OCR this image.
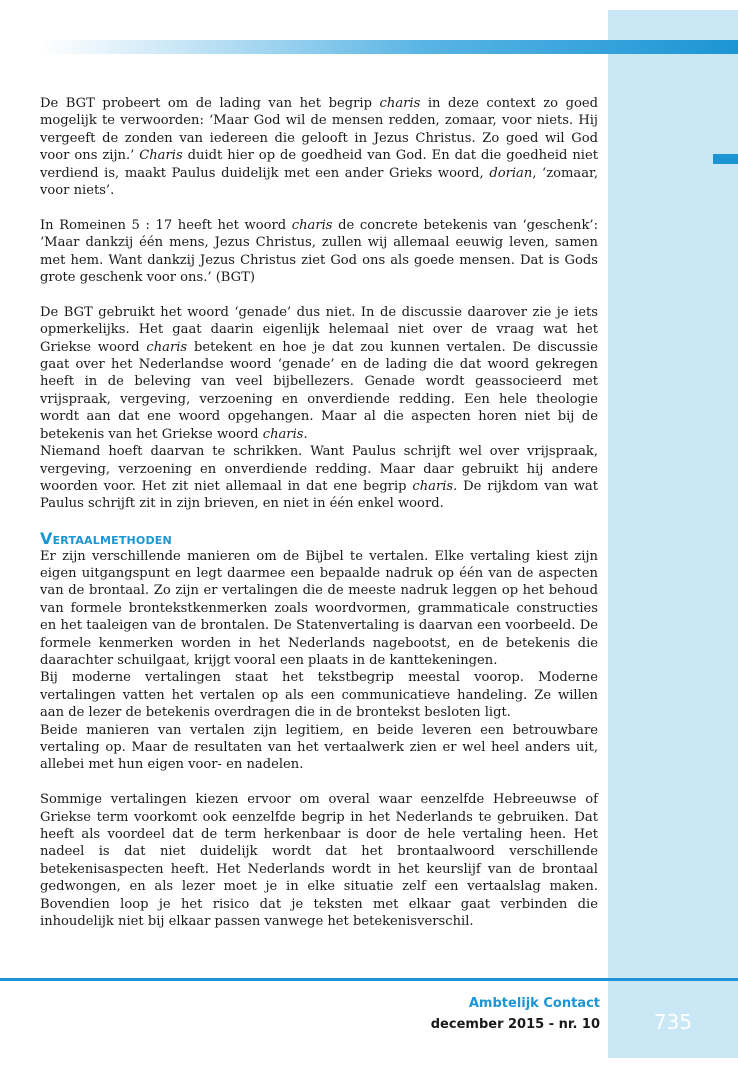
De BGT probeert om de lading van het begrip charis in deze context zo goed mogelijk te verwoorden: ‘Maar God wil de mensen redden, zomaar, voor niets. Hij vergeeft de zonden van iedereen die gelooft in Jezus Christus. Zo goed wil God voor ons zijn.’ Charis duidt hier op de goedheid van God. En dat die goedheid niet verdiend is, maakt Paulus duidelijk met een ander Grieks woord, dorian, ‘zomaar, voor niets’.

In Romeinen 5 : 17 heeft het woord charis de concrete betekenis van ‘geschenk’: ‘Maar dankzij één mens, Jezus Christus, zullen wij allemaal eeuwig leven, samen met hem. Want dankzij Jezus Christus ziet God ons als goede mensen. Dat is Gods grote geschenk voor ons.’ (BGT)

De BGT gebruikt het woord ‘genade’ dus niet. In de discussie daarover zie je iets opmerkelijks. Het gaat daarin eigenlijk helemaal niet over de vraag wat het Griekse woord charis betekent en hoe je dat zou kunnen vertalen. De discussie gaat over het Nederlandse woord ‘genade’ en de lading die dat woord gekregen heeft in de beleving van veel bijbellezers. Genade wordt geassocieerd met vrijspraak, vergeving, verzoening en onverdiende redding. Een hele theologie wordt aan dat ene woord opgehangen. Maar al die aspecten horen niet bij de betekenis van het Griekse woord charis.

Niemand hoeft daarvan te schrikken. Want Paulus schrijft wel over vrijspraak, vergeving, verzoening en onverdiende redding. Maar daar gebruikt hij andere woorden voor. Het zit niet allemaal in dat ene begrip charis. De rijkdom van wat Paulus schrijft zit in zijn brieven, en niet in één enkel woord.

Vertaalmethoden

Er zijn verschillende manieren om de Bijbel te vertalen. Elke vertaling kiest zijn eigen uitgangspunt en legt daarmee een bepaalde nadruk op één van de aspecten van de brontaal. Zo zijn er vertalingen die de meeste nadruk leggen op het behoud van formele brontekstkenmerken zoals woordvormen, grammaticale constructies en het taaleigen van de brontalen. De Statenvertaling is daarvan een voorbeeld. De formele kenmerken worden in het Nederlands nagebootst, en de betekenis die daarachter schuilgaat, krijgt vooral een plaats in de kanttekeningen.

Bij moderne vertalingen staat het tekstbegrip meestal voorop. Moderne vertalingen vatten het vertalen op als een communicatieve handeling. Ze willen aan de lezer de betekenis overdragen die in de brontekst besloten ligt.

Beide manieren van vertalen zijn legitiem, en beide leveren een betrouwbare vertaling op. Maar de resultaten van het vertaalwerk zien er wel heel anders uit, allebei met hun eigen voor- en nadelen.

Sommige vertalingen kiezen ervoor om overal waar eenzelfde Hebreeuwse of Griekse term voorkomt ook eenzelfde begrip in het Nederlands te gebruiken. Dat heeft als voordeel dat de term herkenbaar is door de hele vertaling heen. Het nadeel is dat niet duidelijk wordt dat het brontaalwoord verschillende betekenisaspecten heeft. Het Nederlands wordt in het keurslijf van de brontaal gedwongen, en als lezer moet je in elke situatie zelf een vertaalslag maken. Bovendien loop je het risico dat je teksten met elkaar gaat verbinden die inhoudelijk niet bij elkaar passen vanwege het betekenisverschil.

Ambtelijk Contact
december 2015 - nr. 10	735
